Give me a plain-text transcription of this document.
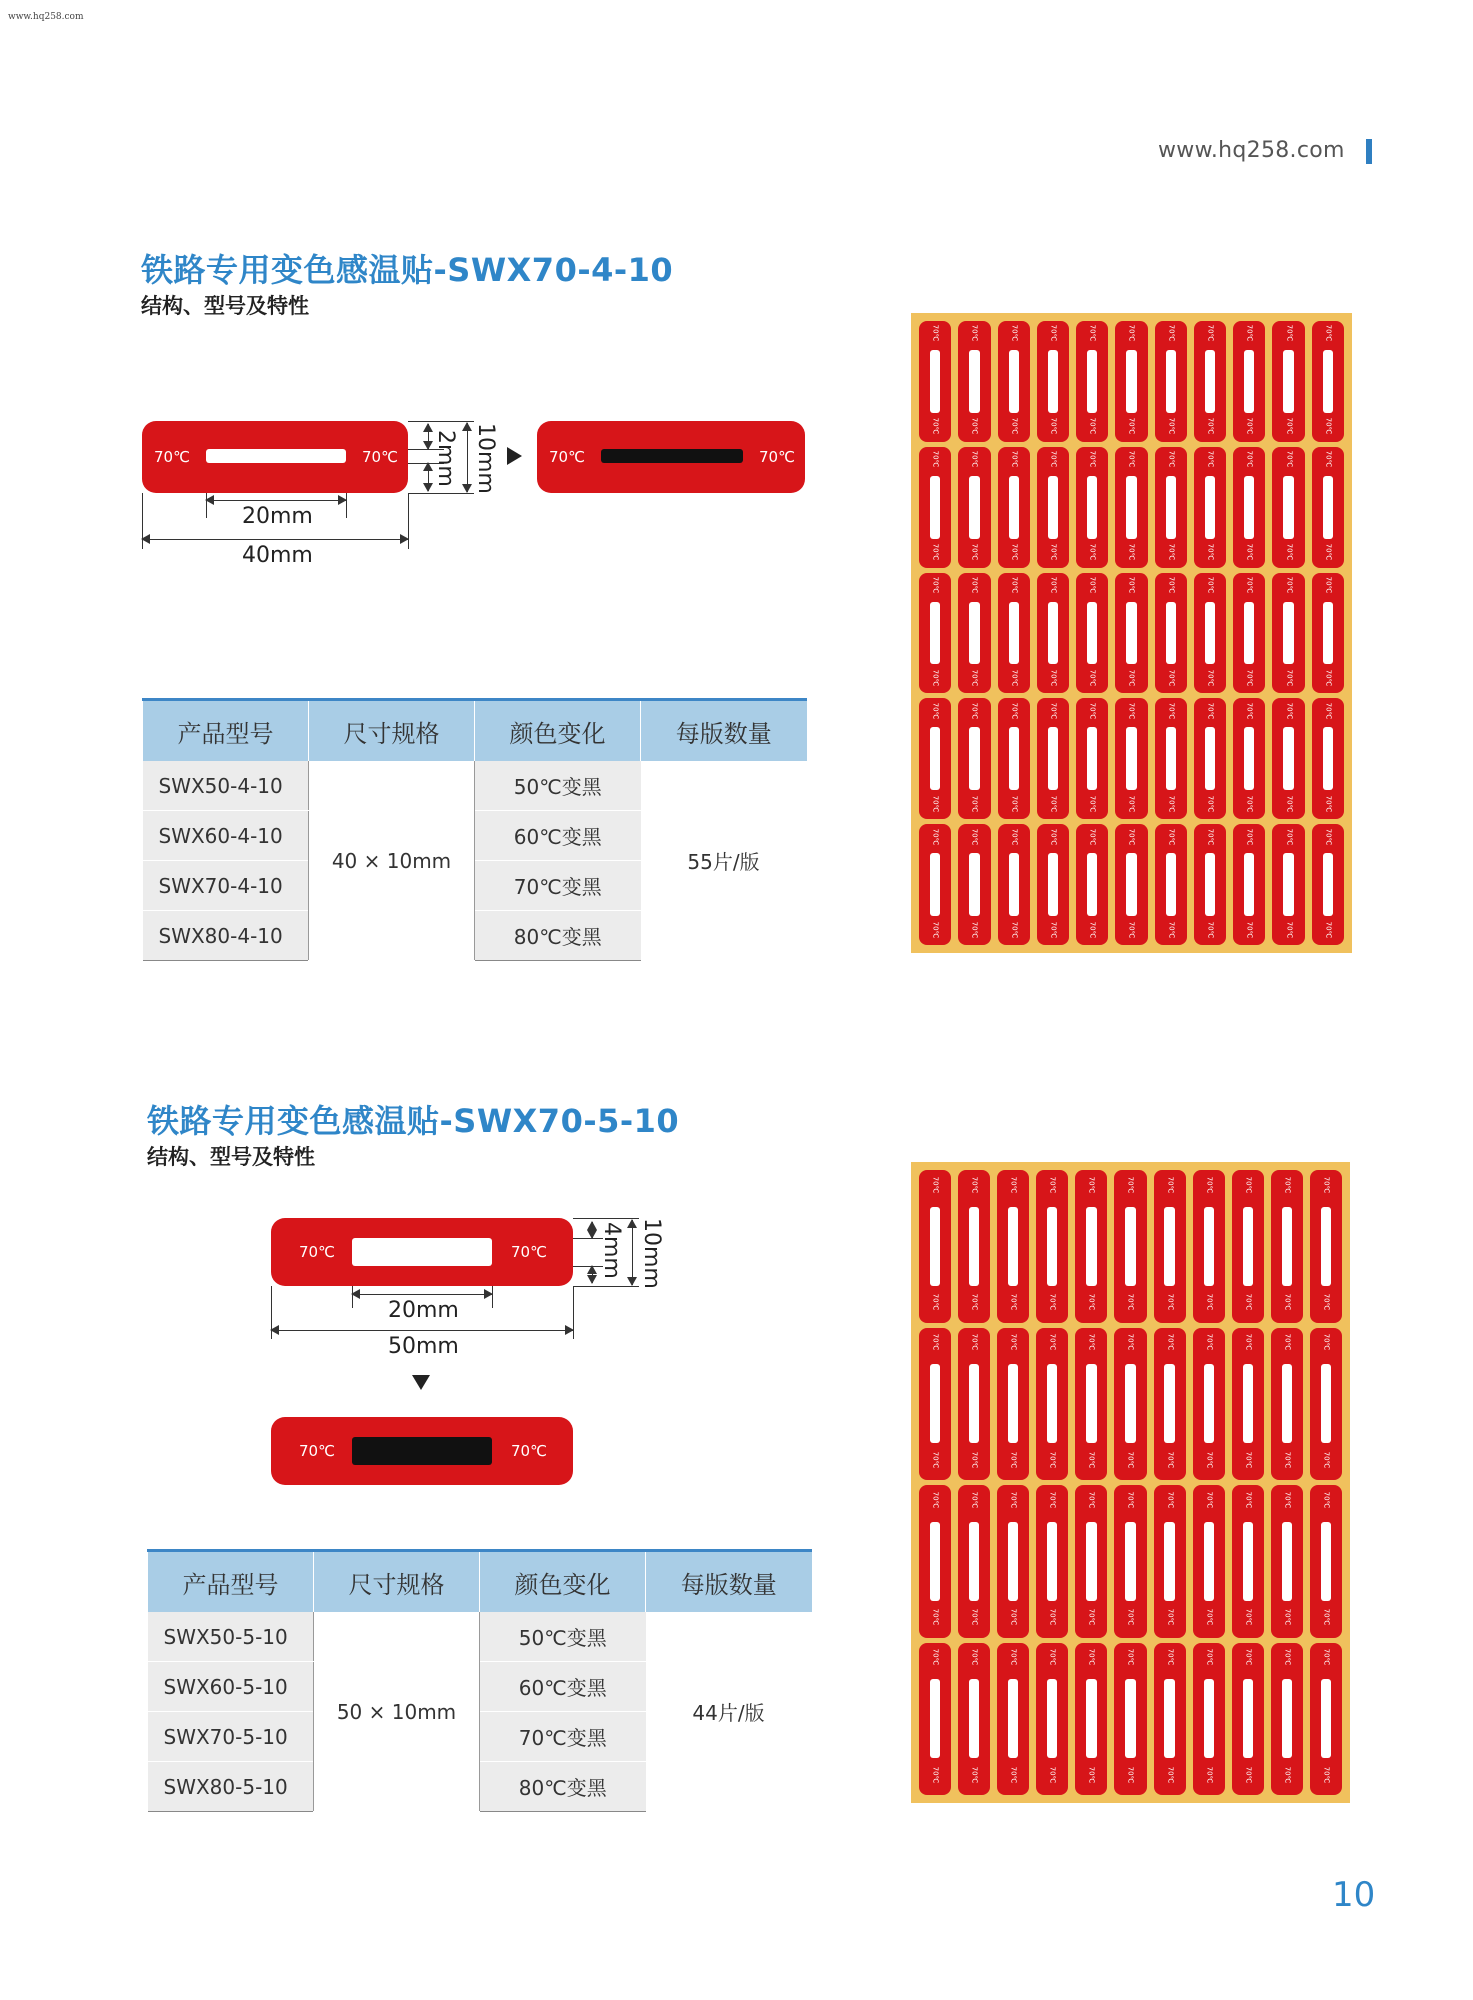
www.hq258.com
www.hq258.com
铁路专用变色感温贴-SWX70-4-10
结构、型号及特性
70℃	70℃ 2mm 10mm
20mm
40mm
70℃	70℃
产品型号	尺寸规格	颜色变化	每版数量
SWX50-4-10	40 × 10mm	50℃变黑	55片/版
SWX60-4-10		60℃变黑	
SWX70-4-10		70℃变黑	
SWX80-4-10		80℃变黑	
70℃
70℃
70℃
70℃
70℃
70℃
70℃
70℃
70℃
70℃
70℃
70℃
70℃
70℃
70℃
70℃
70℃
70℃
70℃
70℃
70℃
70℃
70℃
70℃
70℃
70℃
70℃
70℃
70℃
70℃
70℃
70℃
70℃
70℃
70℃
70℃
70℃
70℃
70℃
70℃
70℃
70℃
70℃
70℃
70℃
70℃
70℃
70℃
70℃
70℃
70℃
70℃
70℃
70℃
70℃
70℃
70℃
70℃
70℃
70℃
70℃
70℃
70℃
70℃
70℃
70℃
70℃
70℃
70℃
70℃
70℃
70℃
70℃
70℃
70℃
70℃
70℃
70℃
70℃
70℃
70℃
70℃
70℃
70℃
70℃
70℃
70℃
70℃
70℃
70℃
70℃
70℃
70℃
70℃
70℃
70℃
70℃
70℃
70℃
70℃
70℃
70℃
70℃
70℃
70℃
70℃
70℃
70℃
70℃
70℃
铁路专用变色感温贴-SWX70-5-10
结构、型号及特性
70℃	70℃ 4mm 10mm
20mm
50mm
70℃	70℃
产品型号	尺寸规格	颜色变化	每版数量
SWX50-5-10	50 × 10mm	50℃变黑	44片/版
SWX60-5-10		60℃变黑	
SWX70-5-10		70℃变黑	
SWX80-5-10		80℃变黑	
70℃
70℃
70℃
70℃
70℃
70℃
70℃
70℃
70℃
70℃
70℃
70℃
70℃
70℃
70℃
70℃
70℃
70℃
70℃
70℃
70℃
70℃
70℃
70℃
70℃
70℃
70℃
70℃
70℃
70℃
70℃
70℃
70℃
70℃
70℃
70℃
70℃
70℃
70℃
70℃
70℃
70℃
70℃
70℃
70℃
70℃
70℃
70℃
70℃
70℃
70℃
70℃
70℃
70℃
70℃
70℃
70℃
70℃
70℃
70℃
70℃
70℃
70℃
70℃
70℃
70℃
70℃
70℃
70℃
70℃
70℃
70℃
70℃
70℃
70℃
70℃
70℃
70℃
70℃
70℃
70℃
70℃
70℃
70℃
70℃
70℃
70℃
70℃
10
